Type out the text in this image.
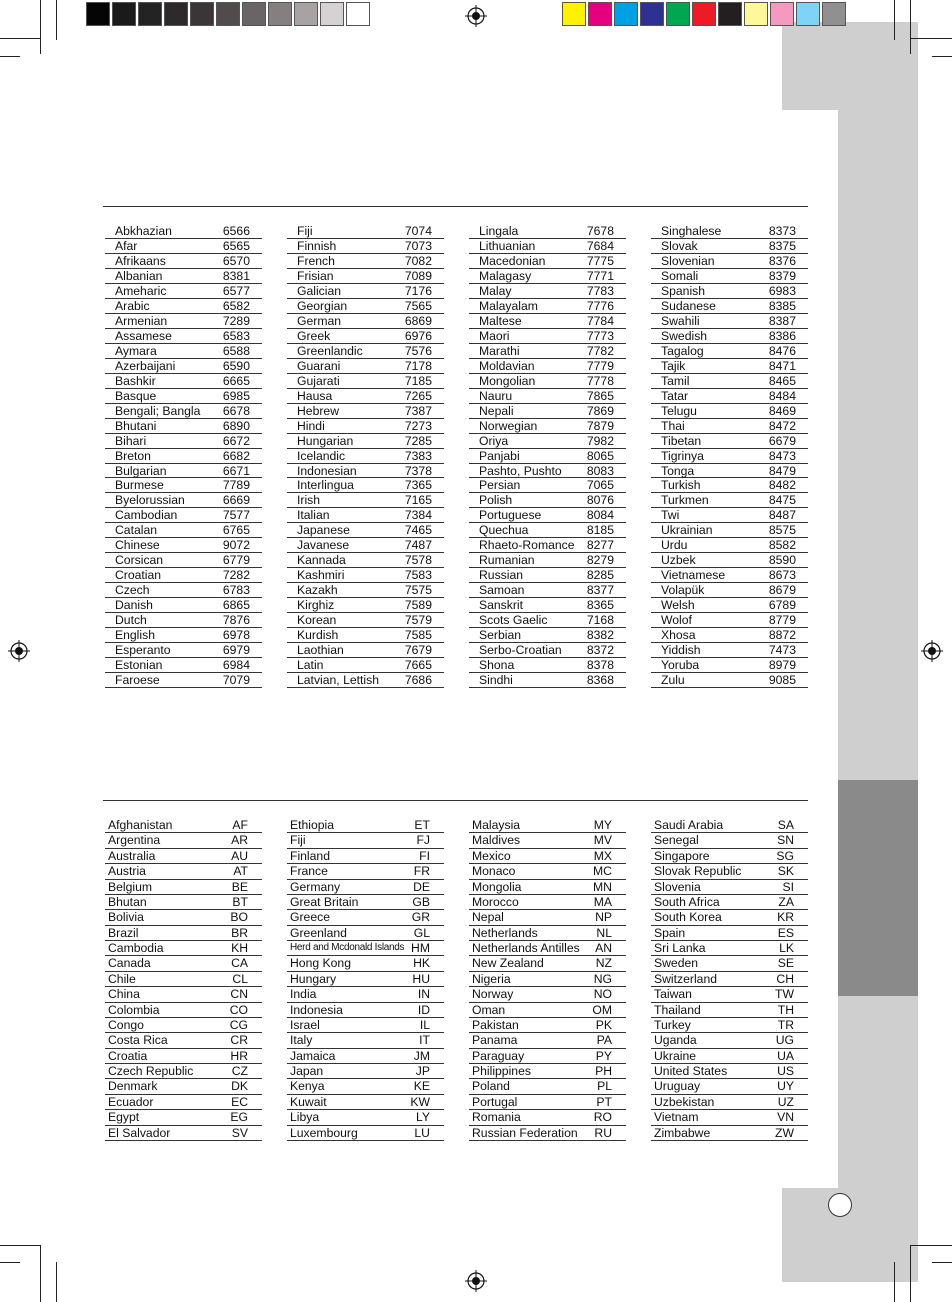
Abkhazian	6566
Afar	6565
Afrikaans	6570
Albanian	8381
Ameharic	6577
Arabic	6582
Armenian	7289
Assamese	6583
Aymara	6588
Azerbaijani	6590
Bashkir	6665
Basque	6985
Bengali; Bangla 6678
Bhutani	6890
Bihari	6672
Breton	6682
Bulgarian	6671
Burmese	7789
Byelorussian	6669
Cambodian	7577
Catalan	6765
Chinese	9072
Corsican	6779
Croatian	7282
Czech	6783
Danish	6865
Dutch	7876
English	6978
Esperanto	6979
Estonian	6984
Faroese	7079
Fiji	7074
Finnish	7073
French	7082
Frisian	7089
Galician	7176
Georgian	7565
German	6869
Greek	6976
Greenlandic	7576
Guarani	7178
Gujarati	7185
Hausa	7265
Hebrew	7387
Hindi	7273
Hungarian	7285
Icelandic	7383
Indonesian	7378
Interlingua	7365
Irish	7165
Italian	7384
Japanese	7465
Javanese	7487
Kannada	7578
Kashmiri	7583
Kazakh	7575
Kirghiz	7589
Korean	7579
Kurdish	7585
Laothian	7679
Latin	7665
Latvian, Lettish 7686
Lingala	7678
Lithuanian	7684
Macedonian	7775
Malagasy	7771
Malay	7783
Malayalam	7776
Maltese	7784
Maori	7773
Marathi	7782
Moldavian	7779
Mongolian	7778
Nauru	7865
Nepali	7869
Norwegian	7879
Oriya	7982
Panjabi	8065
Pashto, Pushto 8083
Persian	7065
Polish	8076
Portuguese	8084
Quechua	8185
Rhaeto-Romance 8277
Rumanian	8279
Russian	8285
Samoan	8377
Sanskrit	8365
Scots Gaelic	7168
Serbian	8382
Serbo-Croatian 8372
Shona	8378
Sindhi	8368
Singhalese	8373
Slovak	8375
Slovenian	8376
Somali	8379
Spanish	6983
Sudanese	8385
Swahili	8387
Swedish	8386
Tagalog	8476
Tajik	8471
Tamil	8465
Tatar	8484
Telugu	8469
Thai	8472
Tibetan	6679
Tigrinya	8473
Tonga	8479
Turkish	8482
Turkmen	8475
Twi	8487
Ukrainian	8575
Urdu	8582
Uzbek	8590
Vietnamese	8673
Volapük	8679
Welsh	6789
Wolof	8779
Xhosa	8872
Yiddish	7473
Yoruba	8979
Zulu	9085
Afghanistan	AF
Argentina	AR
Australia	AU
Austria	AT
Belgium	BE
Bhutan	BT
Bolivia	BO
Brazil	BR
Cambodia	KH
Canada	CA
Chile	CL
China	CN
Colombia	CO
Congo	CG
Costa Rica	CR
Croatia	HR
Czech Republic	CZ
Denmark	DK
Ecuador	EC
Egypt	EG
El Salvador	SV
Ethiopia	ET
Fiji	FJ
Finland	FI
France	FR
Germany	DE
Great Britain	GB
Greece	GR
Greenland	GL
Herd and Mcdonald Islands HM
Hong Kong	HK
Hungary	HU
India	IN
Indonesia	ID
Israel	IL
Italy	IT
Jamaica	JM
Japan	JP
Kenya	KE
Kuwait	KW
Libya	LY
Luxembourg	LU
Malaysia	MY
Maldives	MV
Mexico	MX
Monaco	MC
Mongolia	MN
Morocco	MA
Nepal	NP
Netherlands	NL
Netherlands Antilles AN
New Zealand	NZ
Nigeria	NG
Norway	NO
Oman	OM
Pakistan	PK
Panama	PA
Paraguay	PY
Philippines	PH
Poland	PL
Portugal	PT
Romania	RO
Russian Federation RU
Saudi Arabia	SA
Senegal	SN
Singapore	SG
Slovak Republic	SK
Slovenia	SI
South Africa	ZA
South Korea	KR
Spain	ES
Sri Lanka	LK
Sweden	SE
Switzerland	CH
Taiwan	TW
Thailand	TH
Turkey	TR
Uganda	UG
Ukraine	UA
United States	US
Uruguay	UY
Uzbekistan	UZ
Vietnam	VN
Zimbabwe	ZW
